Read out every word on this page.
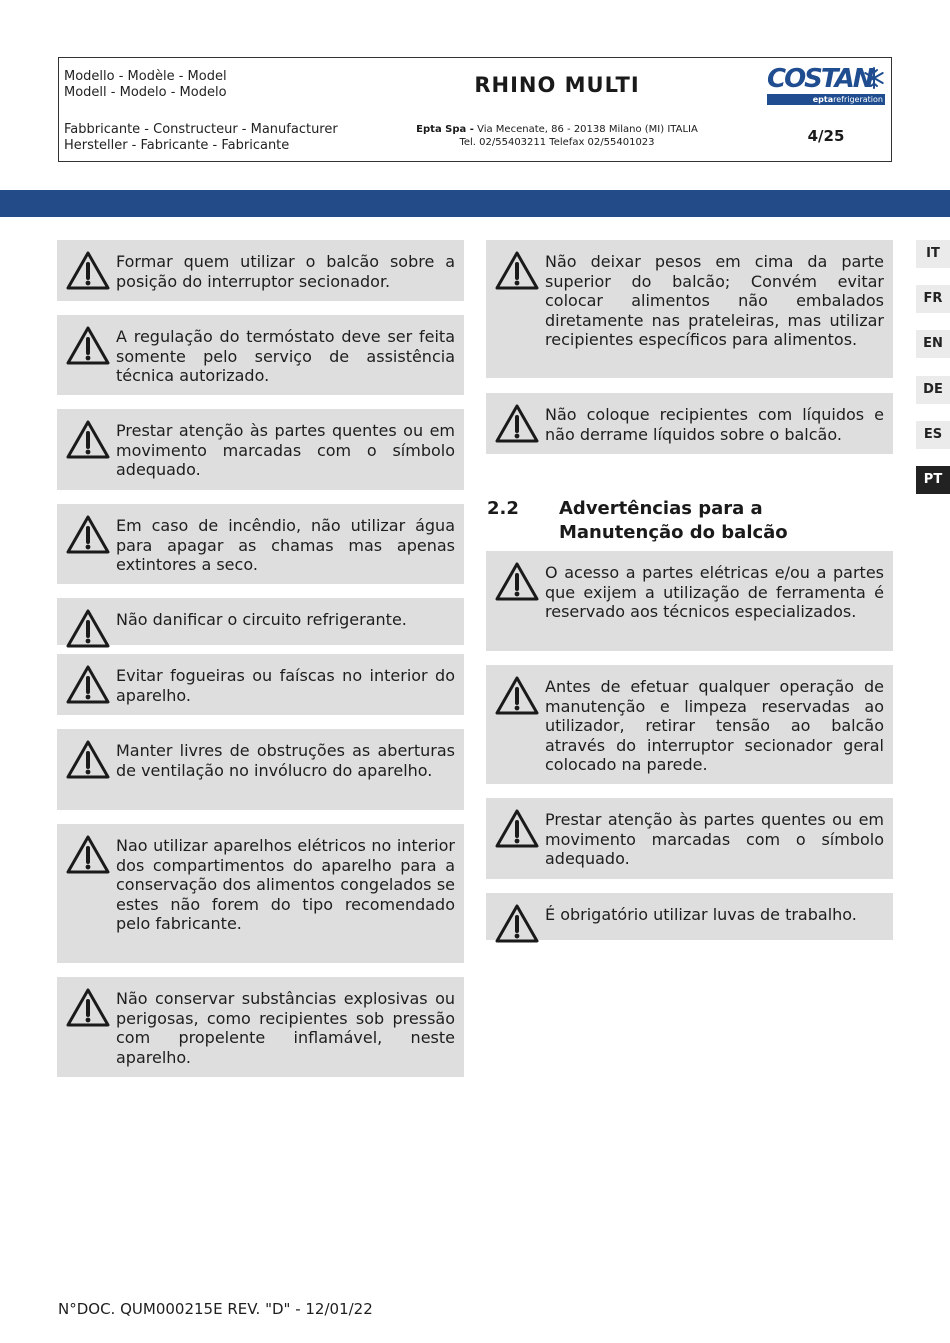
Modello - Modèle - Model
Modell - Modelo - Modelo	RHINO MULTI	COSTAN
eptarefrigeration
Fabbricante - Constructeur - Manufacturer
Hersteller - Fabricante - Fabricante
Epta Spa - Via Mecenate, 86 - 20138 Milano (MI) ITALIA
Tel. 02/55403211 Telefax 02/55401023	4/25
IT
FR
EN
DE
ES
PT
Formar quem utilizar o balcão sobre a posição do interruptor secionador.
A regulação do termóstato deve ser feita somente pelo serviço de assistência técnica autorizado.
Prestar atenção às partes quentes ou em movimento marcadas com o símbolo adequado.
Em caso de incêndio, não utilizar água para apagar as chamas mas apenas extintores a seco.
Não danificar o circuito refrigerante.
Evitar fogueiras ou faíscas no interior do aparelho.
Manter livres de obstruções as aberturas de ventilação no invólucro do aparelho.
Nao utilizar aparelhos elétricos no interior dos compartimentos do aparelho para a conservação dos alimentos congelados se estes não forem do tipo recomendado pelo fabricante.
Não conservar substâncias explosivas ou perigosas, como recipientes sob pressão com propelente inflamável, neste aparelho.
Não deixar pesos em cima da parte superior do balcão; Convém evitar colocar alimentos não embalados diretamente nas prateleiras, mas utilizar recipientes específicos para alimentos.
Não coloque recipientes com líquidos e não derrame líquidos sobre o balcão.
O acesso a partes elétricas e/ou a partes que exijem a utilização de ferramenta é reservado aos técnicos especializados.
Antes de efetuar qualquer operação de manutenção e limpeza reservadas ao utilizador, retirar tensão ao balcão através do interruptor secionador geral colocado na parede.
Prestar atenção às partes quentes ou em movimento marcadas com o símbolo adequado.
É obrigatório utilizar luvas de trabalho.
2.2 Advertências para a Manutenção do balcão
N°DOC. QUM000215E REV. "D" - 12/01/22
